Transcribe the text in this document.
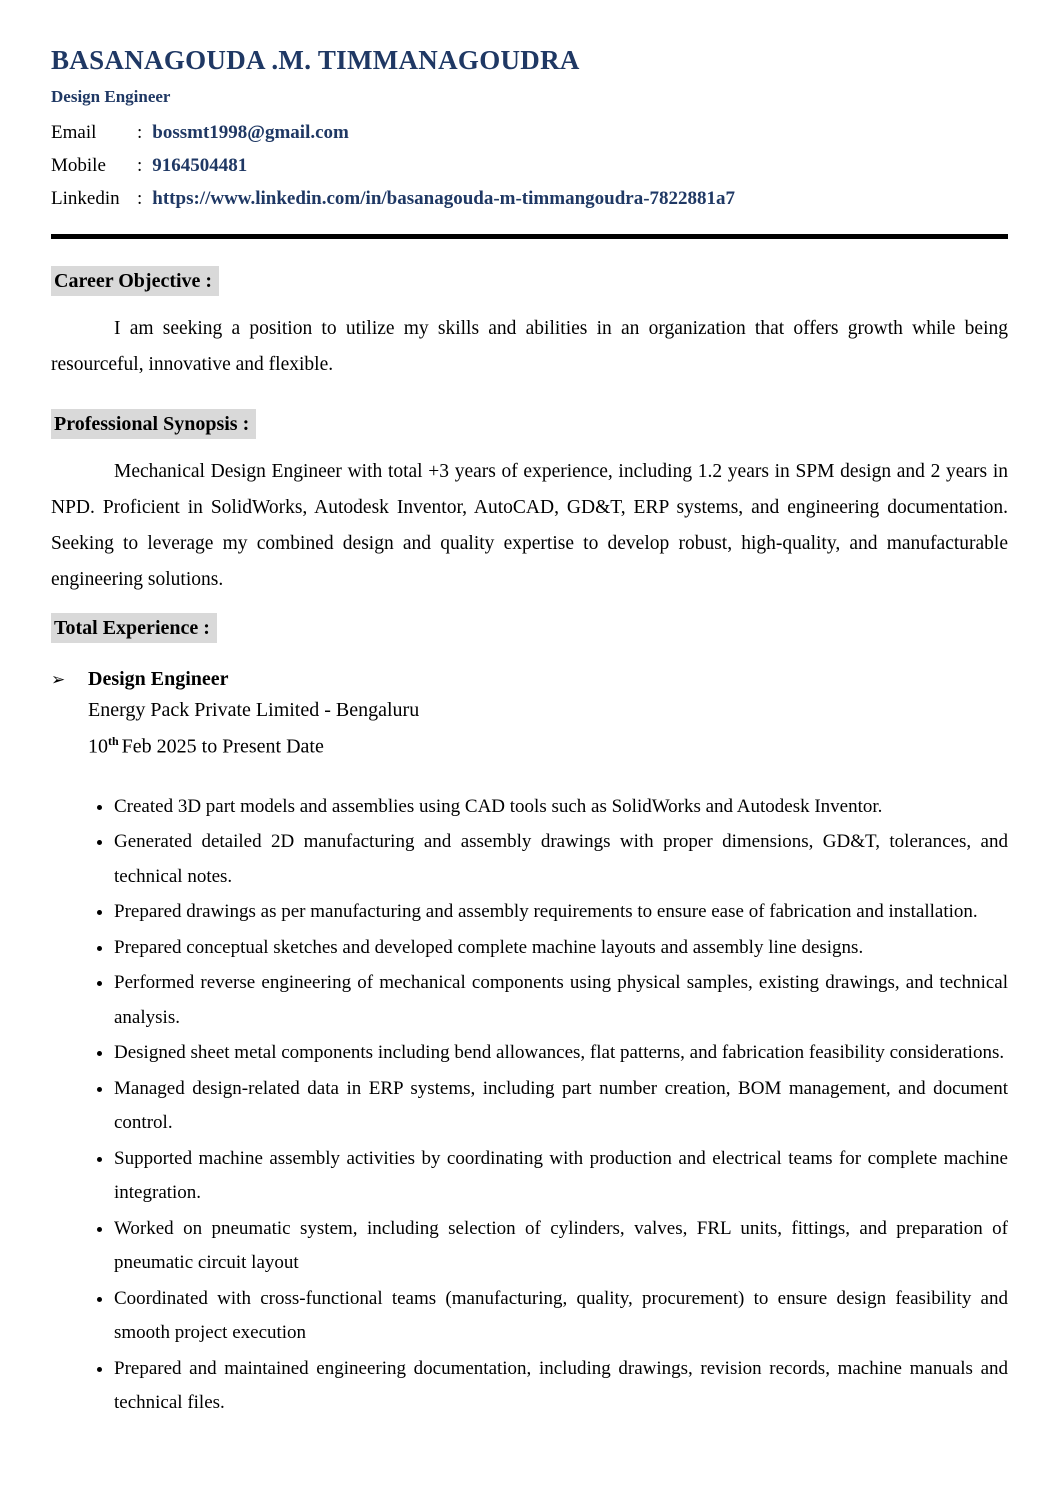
BASANAGOUDA .M. TIMMANAGOUDRA
Design Engineer
Email : bossmt1998@gmail.com
Mobile : 9164504481
Linkedin : https://www.linkedin.com/in/basanagouda-m-timmangoudra-7822881a7
Career Objective :

I am seeking a position to utilize my skills and abilities in an organization that offers growth while being resourceful, innovative and flexible.

Professional Synopsis :

Mechanical Design Engineer with total +3 years of experience, including 1.2 years in SPM design and 2 years in NPD. Proficient in SolidWorks, Autodesk Inventor, AutoCAD, GD&T, ERP systems, and engineering documentation. Seeking to leverage my combined design and quality expertise to develop robust, high-quality, and manufacturable engineering solutions.

Total Experience :
➢	Design Engineer
Energy Pack Private Limited - Bengaluru
10th Feb 2025 to Present Date
• Created 3D part models and assemblies using CAD tools such as SolidWorks and Autodesk Inventor.
• Generated detailed 2D manufacturing and assembly drawings with proper dimensions, GD&T, tolerances, and technical notes.
• Prepared drawings as per manufacturing and assembly requirements to ensure ease of fabrication and installation.
• Prepared conceptual sketches and developed complete machine layouts and assembly line designs.
• Performed reverse engineering of mechanical components using physical samples, existing drawings, and technical analysis.
• Designed sheet metal components including bend allowances, flat patterns, and fabrication feasibility considerations.
• Managed design-related data in ERP systems, including part number creation, BOM management, and document control.
• Supported machine assembly activities by coordinating with production and electrical teams for complete machine integration.
• Worked on pneumatic system, including selection of cylinders, valves, FRL units, fittings, and preparation of pneumatic circuit layout
• Coordinated with cross-functional teams (manufacturing, quality, procurement) to ensure design feasibility and smooth project execution
• Prepared and maintained engineering documentation, including drawings, revision records, machine manuals and technical files.
